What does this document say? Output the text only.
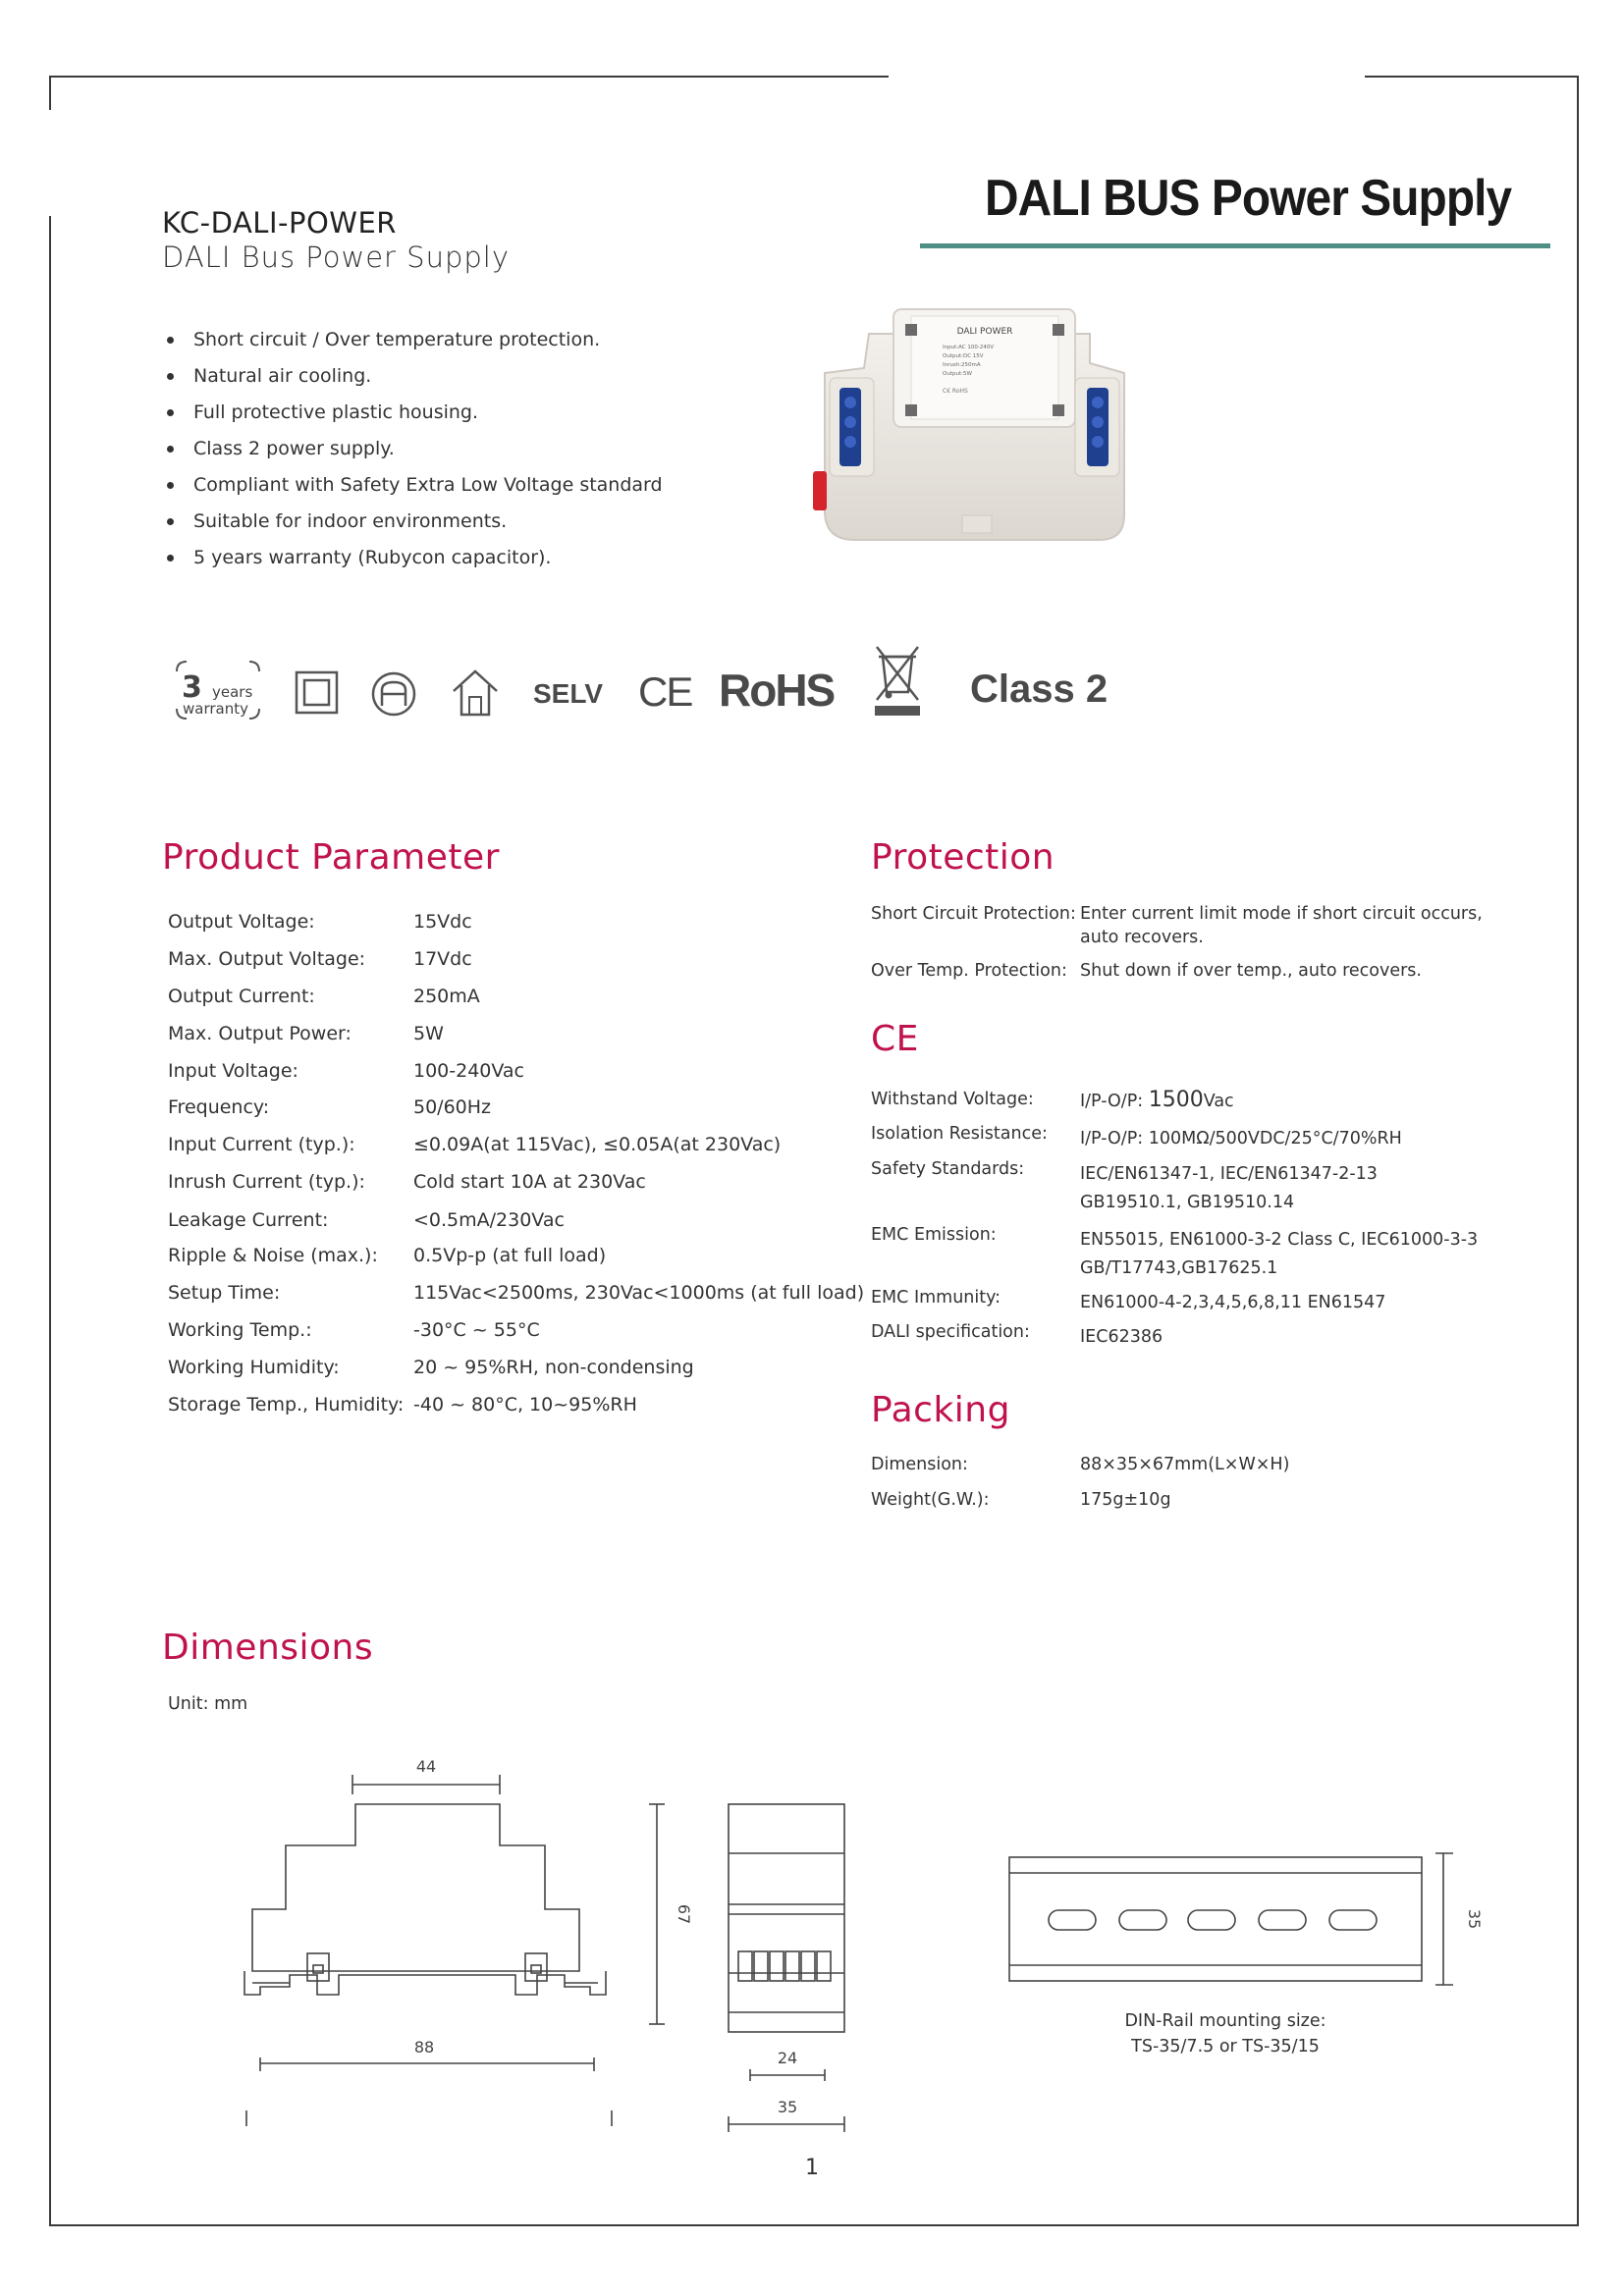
KC-DALI-POWER
DALI Bus Power Supply
DALI BUS Power Supply
Short circuit / Over temperature protection.
Natural air cooling.
Full protective plastic housing.
Class 2 power supply.
Compliant with Safety Extra Low Voltage standard
Suitable for indoor environments.
5 years warranty (Rubycon capacitor).
DALI POWER
Input:AC 100-240V
Output:DC 15V
Inrush:250mA
Output:5W
C€ RoHS
3 years
warranty	SELV CE RoHS	Class 2
Product Parameter
Output Voltage:	15Vdc
Max. Output Voltage:	17Vdc
Output Current:	250mA
Max. Output Power:	5W
Input Voltage:	100-240Vac
Frequency:	50/60Hz
Input Current (typ.):	≤0.09A(at 115Vac), ≤0.05A(at 230Vac)
Inrush Current (typ.):	Cold start 10A at 230Vac
Leakage Current:	<0.5mA/230Vac
Ripple & Noise (max.): 0.5Vp-p (at full load)
Setup Time:	115Vac<2500ms, 230Vac<1000ms (at full load)
Working Temp.:	-30°C ~ 55°C
Working Humidity:	20 ~ 95%RH, non-condensing
Storage Temp., Humidity: -40 ~ 80°C, 10~95%RH
Protection
Short Circuit Protection: Enter current limit mode if short circuit occurs,
auto recovers.
Over Temp. Protection: Shut down if over temp., auto recovers.
CE
Withstand Voltage:	I/P-O/P: 1500Vac
Isolation Resistance: I/P-O/P: 100MΩ/500VDC/25°C/70%RH
Safety Standards:	IEC/EN61347-1, IEC/EN61347-2-13
GB19510.1, GB19510.14
EMC Emission:	EN55015, EN61000-3-2 Class C, IEC61000-3-3
GB/T17743,GB17625.1
EMC Immunity:	EN61000-4-2,3,4,5,6,8,11 EN61547
DALI specification:	IEC62386
Packing
Dimension:	88×35×67mm(L×W×H)
Weight(G.W.):	175g±10g
Dimensions
Unit: mm
44
88
67
24
35
35
DIN-Rail mounting size:
TS-35/7.5 or TS-35/15
1
